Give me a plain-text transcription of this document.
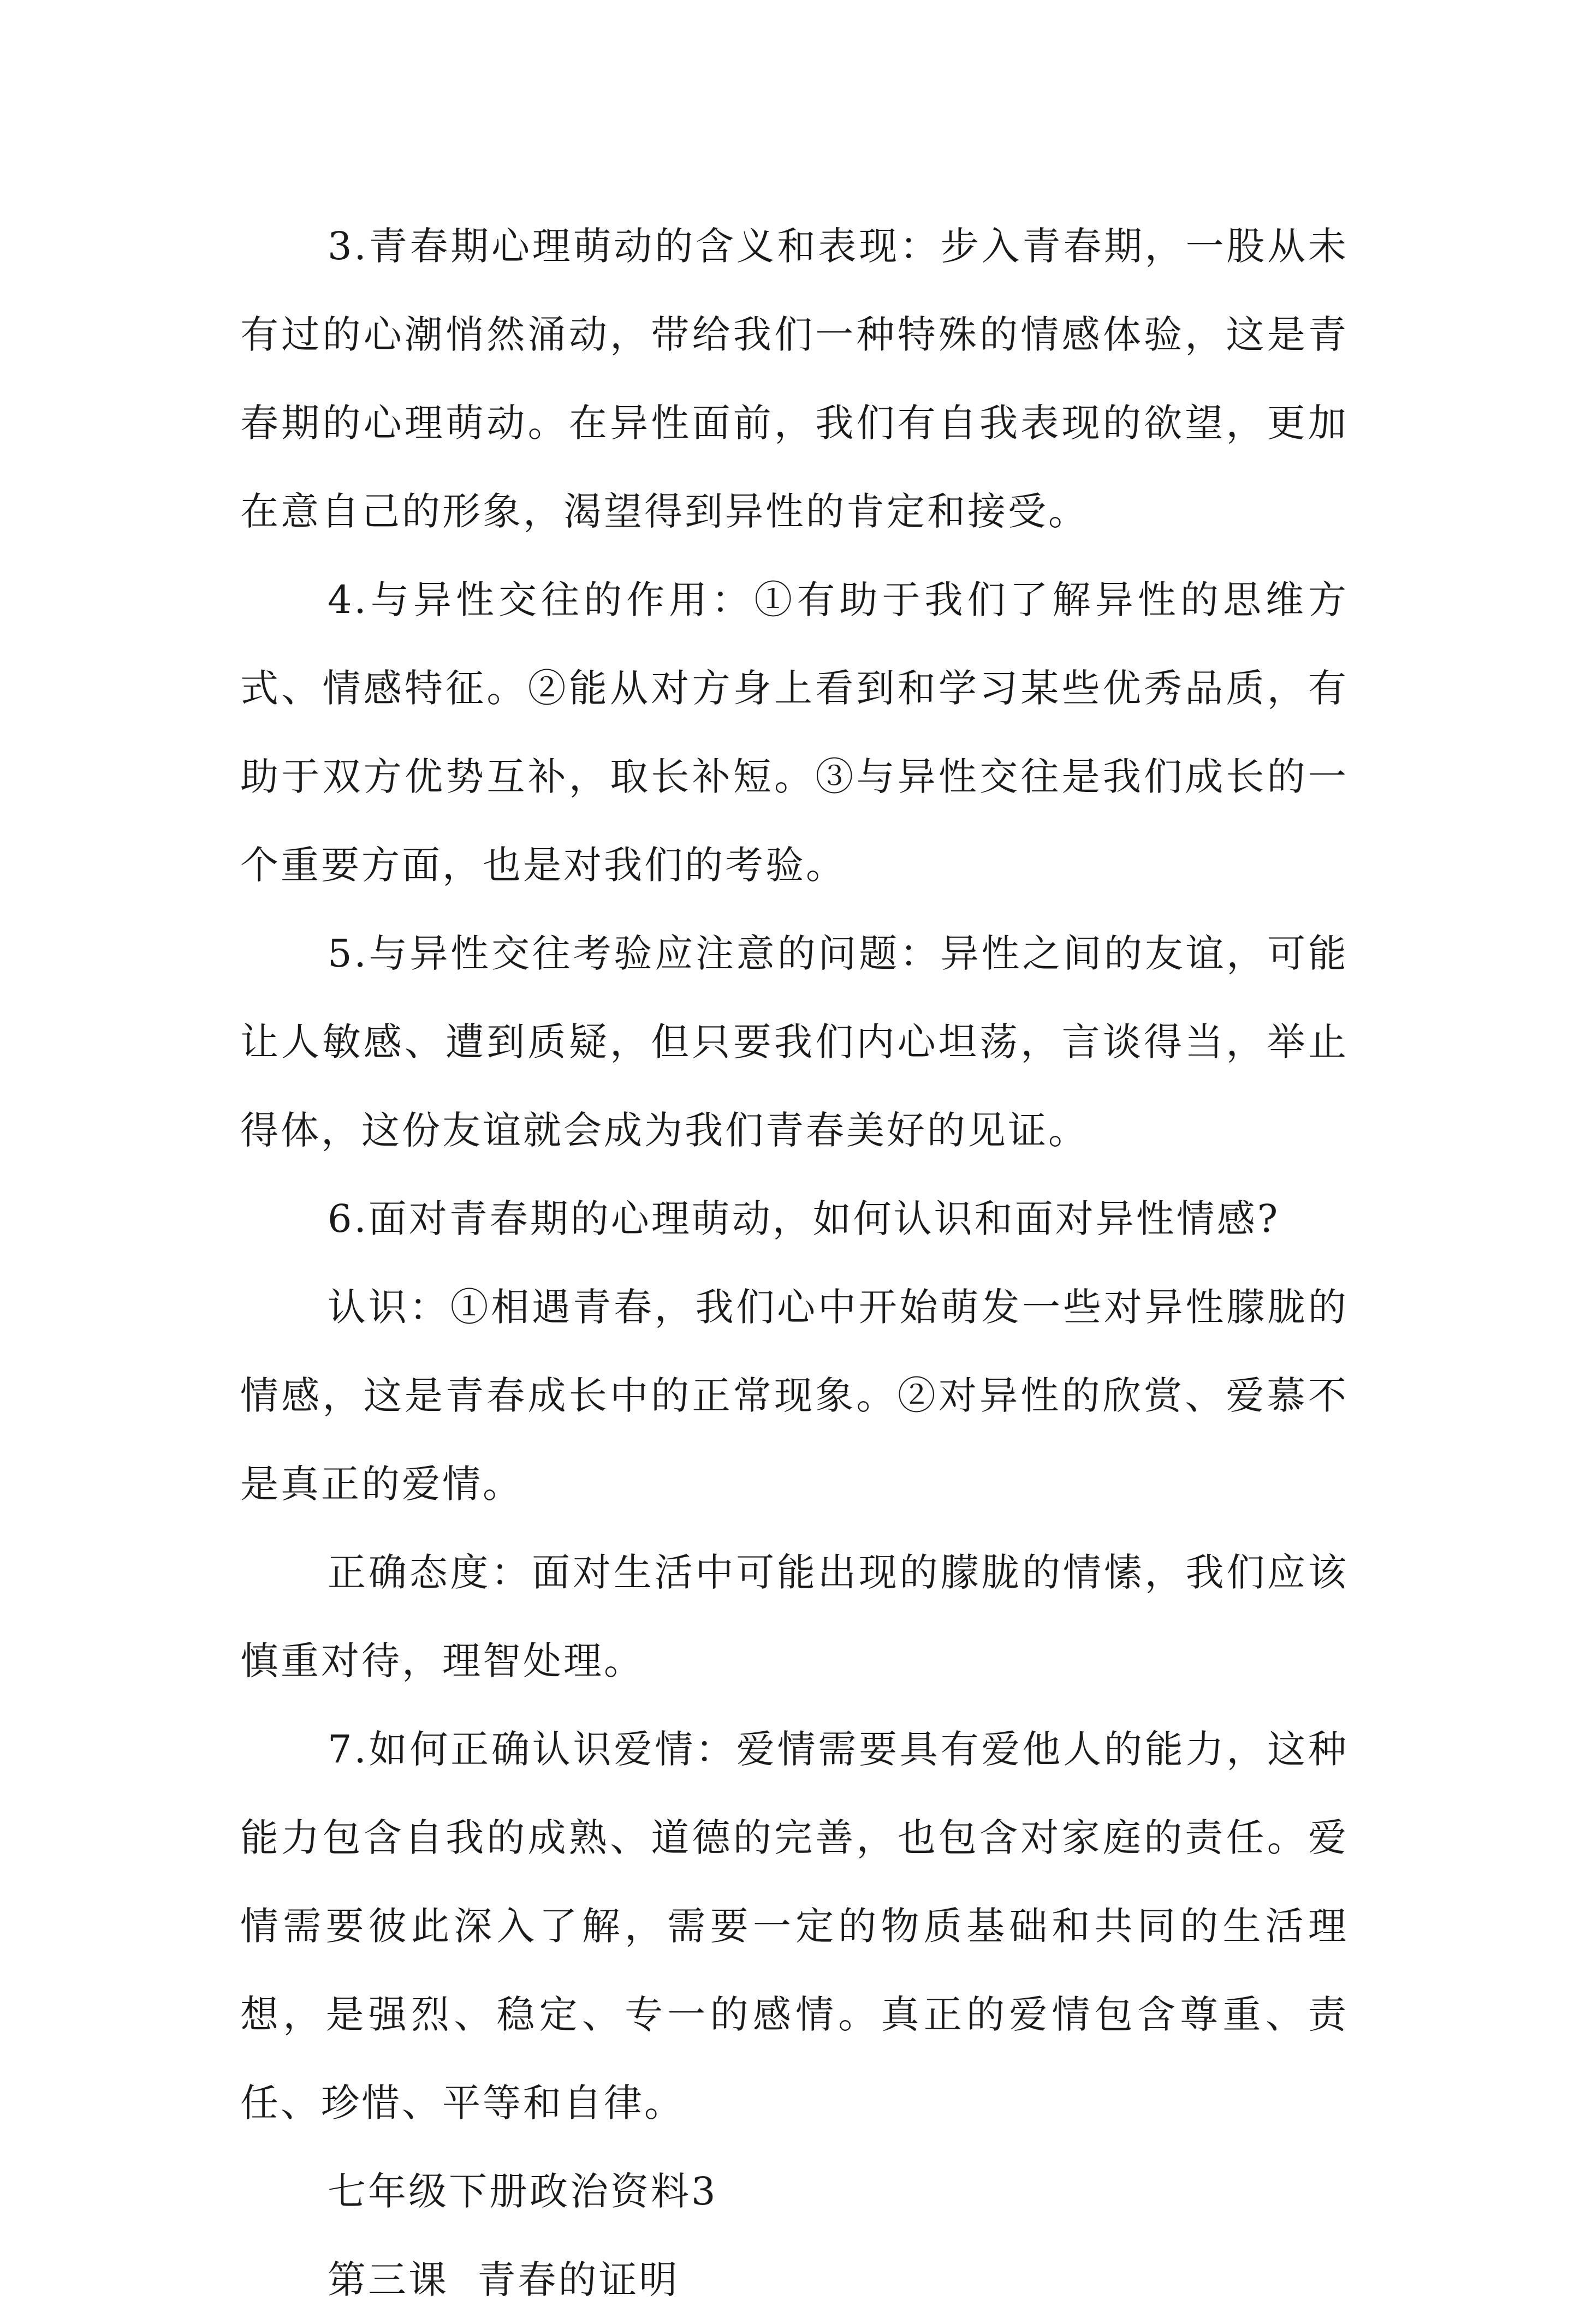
3.青春期心理萌动的含义和表现：步入青春期，一股从未有过的心潮悄然涌动，带给我们一种特殊的情感体验，这是青春期的心理萌动。在异性面前，我们有自我表现的欲望，更加在意自己的形象，渴望得到异性的肯定和接受。

4.与异性交往的作用：①有助于我们了解异性的思维方式、情感特征。②能从对方身上看到和学习某些优秀品质，有助于双方优势互补，取长补短。③与异性交往是我们成长的一个重要方面，也是对我们的考验。

5.与异性交往考验应注意的问题：异性之间的友谊，可能让人敏感、遭到质疑，但只要我们内心坦荡，言谈得当，举止得体，这份友谊就会成为我们青春美好的见证。

6.面对青春期的心理萌动，如何认识和面对异性情感?

认识：①相遇青春，我们心中开始萌发一些对异性朦胧的情感，这是青春成长中的正常现象。②对异性的欣赏、爱慕不是真正的爱情。

正确态度：面对生活中可能出现的朦胧的情愫，我们应该慎重对待，理智处理。

7.如何正确认识爱情：爱情需要具有爱他人的能力，这种能力包含自我的成熟、道德的完善，也包含对家庭的责任。爱情需要彼此深入了解，需要一定的物质基础和共同的生活理想，是强烈、稳定、专一的感情。真正的爱情包含尊重、责任、珍惜、平等和自律。

七年级下册政治资料3

第三课  青春的证明
